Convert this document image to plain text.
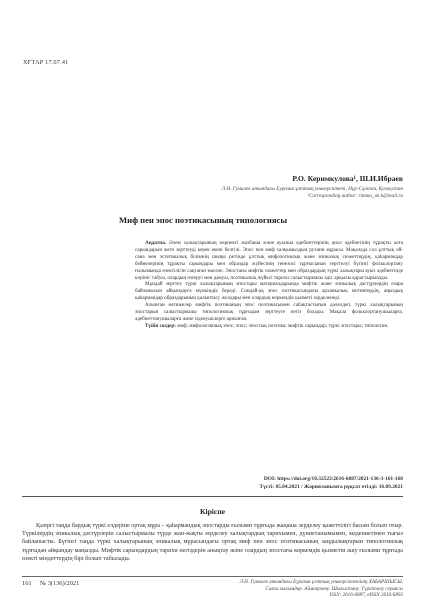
ХҒТАР 17.07.41
Р.О. Керимкулова¹, Ш.И.Ибраев
Л.Н. Гумилев атындағы Еуразия ұлттық университеті, Нұр-Сұлтан, Қазақстан
¹Corresponding author: rimma_ok.k@mail.ru
Миф пен эпос поэтикасының типологиясы

Аңдатпа. Әлем халықтарының көрнекті жазбаша және ауызша әдебиеттерінің ауыз әдебиетінің тұрақты алға сарындарын жете зерттеуді керек екені белгілі. Эпос пен миф халқымыздың рухани мұрасы. Мақалада сол ұлттық ой-сана мен эстетикалық білімнің шыңы ретінде ұлттық мифологиялық және эпикалық сюжеттердің, қаһармандар бейнелерінің тұрақты сарындары мен образдар жүйесінің генезисі тұрғысынан зерттелуі бүгінгі фольклортану ғылымында өзектілігін сақтаған мәселе. Эпостағы мифтік сюжеттер мен образдардың түркі халықтары ауыз әдебиетінде көрініс табуы, олардың өзгеруі мен дамуы, поэтикалық жүйесі тарихи салыстырмалы әдіс арқылы қарастырылады.

Мұндай зерттеу түркі халықтарының эпостары материалдарында мифтік және эпикалық дәстүрлердің өзара байланысын айқындауға мүмкіндік береді. Сондай-ақ эпос поэтикасындағы архаикалық мотивтердің, аңыздық қаһармандар образдарының қалыптасу жолдары мен олардың көркемдік қызметі зерделенеді.

Алынған нәтижелер мифтік поэтиканың эпос поэтикасымен сабақтастығын дәлелдеп, түркі халықтарының эпостарын салыстырмалы типологиялық тұрғыдан зерттеуге негіз болады. Мақала фольклортанушыларға, әдебиеттанушыларға және ізденушілерге арналған.

Түйін сөздер: миф; мифологиялық эпос; эпос; эпостық поэтика; мифтік сарындар; түркі эпостары; типология.

DOI: https://doi.org/10.32523/2616-6887/2021-136-3-161-168
Түсті: 05.04.2021 / Жарияланымға рұқсат етілді: 16.09.2021
Кіріспе

Қазіргі таңда бардық түркі елдеріне ортақ мұра – қаһармандық эпостарды ғылыми тұрғыда жаңаша зерделеу қажеттілігі басым болып отыр. Түркілердің эпикалық дәстүрлерін салыстырмалы түрде жан-жақты зерделеу халықтардың тарихымен, дүниетанымымен, мәдениетімен тығыз байланысты. Бүгінгі таңда түркі халықтарының эпикалық мұрасындағы ортақ миф пен эпос поэтикасының заңдылықтарын типологиялық тұрғыдан айқындау маңызды. Мифтік сарындардың тарихи негіздерін анықтау және олардың эпостағы көркемдік қызметін ашу ғылыми тұрғыда өзекті міндеттердің бірі болып табылады.

161 № 3(136)/2021	Л.Н. Гумилев атындағы Еуразия ұлттық университетінің ХАБАРШЫСЫ.
Саяси ғылымдар. Аймақтану. Шығыстану. Түркітану сериясы
ISSN: 2616-6887, eISSN 2616-6895
